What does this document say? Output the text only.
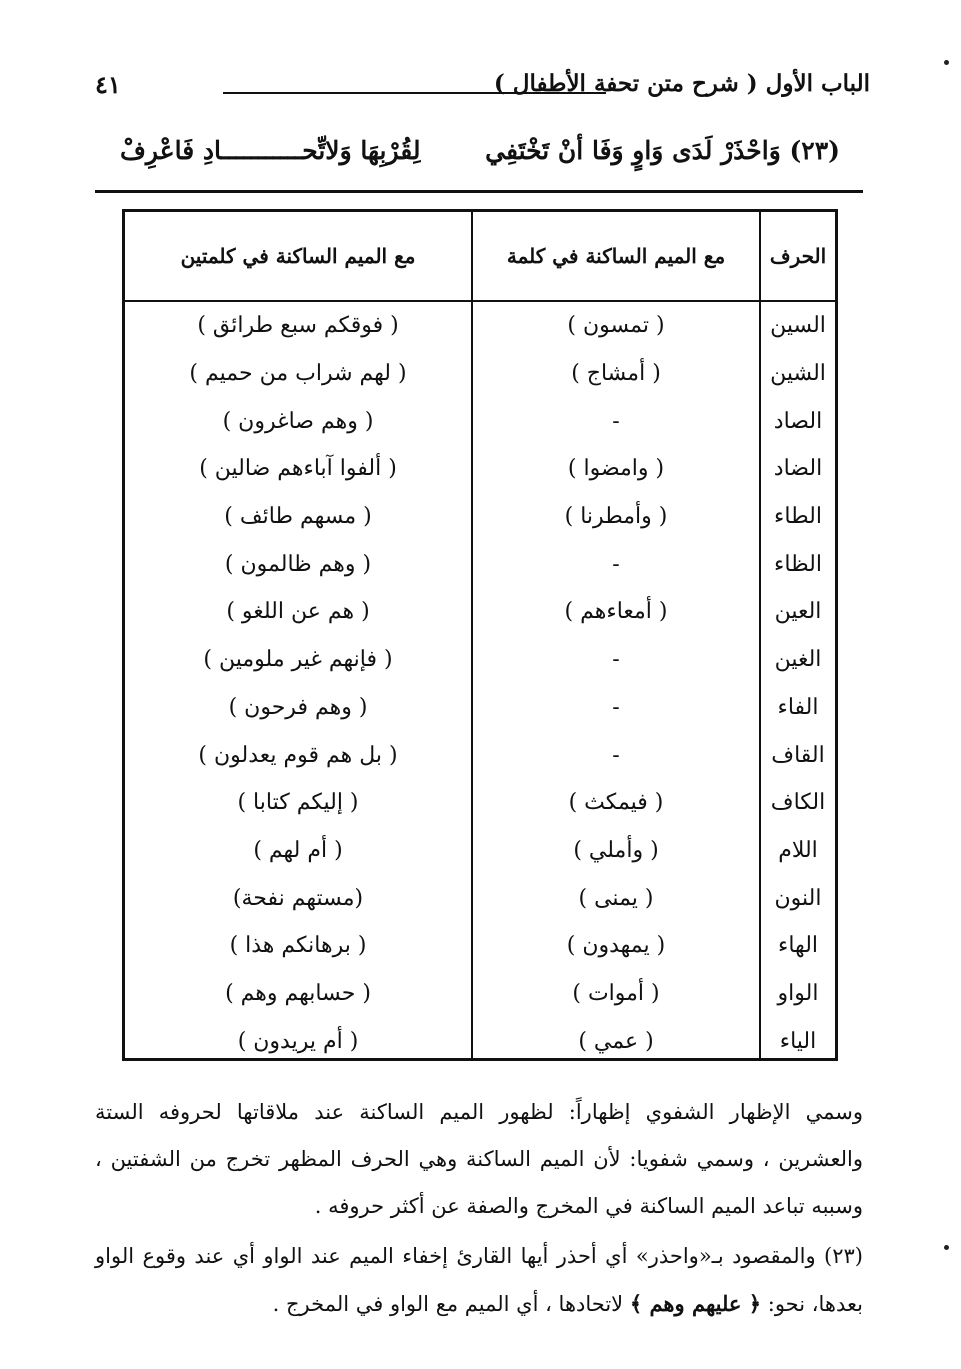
٤١	الباب الأول ( شرح متن تحفة الأطفال )
(٢٣) وَاحْذَرْ لَدَى وَاوٍ وَفَا أنْ تَخْتَفِي
لِقُرْبِهَا وَلاتِّحـــــــــــادِ فَاعْرِفْ
الحرف
مع الميم الساكنة في كلمة
مع الميم الساكنة في كلمتين
السين
( تمسون )
( فوقكم سبع طرائق )
الشين
( أمشاج )
( لهم شراب من حميم )
الصاد
-
( وهم صاغرون )
الضاد
( وامضوا )
( ألفوا آباءهم ضالين )
الطاء
( وأمطرنا )
( مسهم طائف )
الظاء
-
( وهم ظالمون )
العين
( أمعاءهم )
( هم عن اللغو )
الغين
-
( فإنهم غير ملومين )
الفاء
-
( وهم فرحون )
القاف
-
( بل هم قوم يعدلون )
الكاف
( فيمكث )
( إليكم كتابا )
اللام
( وأملي )
( أم لهم )
النون
( يمنى )
(مستهم نفحة)
الهاء
( يمهدون )
( برهانكم هذا )
الواو
( أموات )
( حسابهم وهم )
الياء
( عمي )
( أم يريدون )

وسمي الإظهار الشفوي إظهاراً: لظهور الميم الساكنة عند ملاقاتها لحروفه الستة والعشرين ، وسمي شفويا: لأن الميم الساكنة وهي الحرف المظهر تخرج من الشفتين ، وسببه تباعد الميم الساكنة في المخرج والصفة عن أكثر حروفه .

(٢٣) والمقصود بـ«واحذر» أي أحذر أيها القارئ إخفاء الميم عند الواو أي عند وقوع الواو بعدها، نحو: ﴿ عليهم وهم ﴾ لاتحادها ، أي الميم مع الواو في المخرج .
